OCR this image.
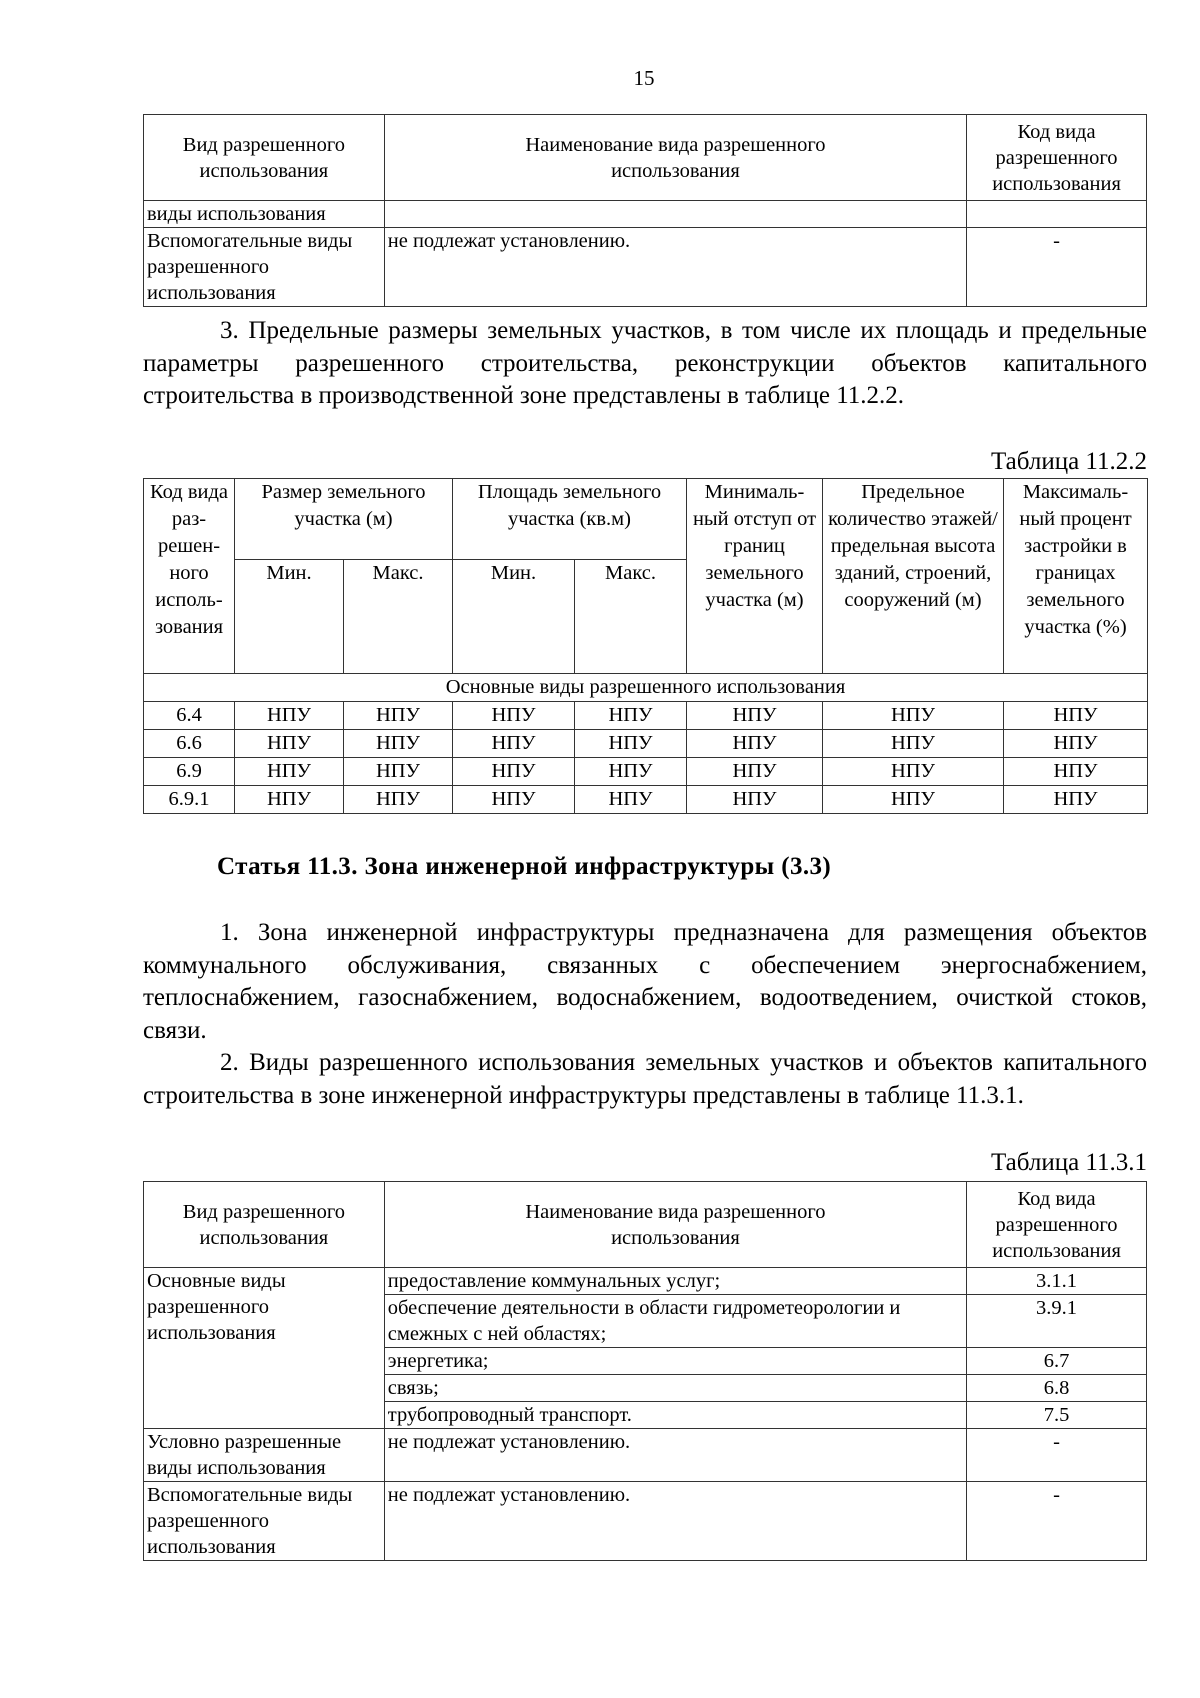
15
Вид разрешенного использования	Наименование вида разрешенного использования	Код вида разрешенного использования
виды использования		
Вспомогательные виды разрешенного использования	не подлежат установлению.	-
3. Предельные размеры земельных участков, в том числе их площадь и предельные параметры разрешенного строительства, реконструкции объектов капитального строительства в производственной зоне представлены в таблице 11.2.2.
Таблица 11.2.2
Код вида раз-решен-ного исполь-зования	Размер земельного участка (м)		Площадь земельного участка (кв.м)		Минималь-ный отступ от границ земельного участка (м)	Предельное количество этажей/ предельная высота зданий, строений, сооружений (м)	Максималь-ный процент застройки в границах земельного участка (%)
	Мин.	Макс.	Мин.	Макс.			
Основные виды разрешенного использования							
6.4	НПУ	НПУ	НПУ	НПУ	НПУ	НПУ	НПУ
6.6	НПУ	НПУ	НПУ	НПУ	НПУ	НПУ	НПУ
6.9	НПУ	НПУ	НПУ	НПУ	НПУ	НПУ	НПУ
6.9.1	НПУ	НПУ	НПУ	НПУ	НПУ	НПУ	НПУ
Статья 11.3. Зона инженерной инфраструктуры (3.3)
1. Зона инженерной инфраструктуры предназначена для размещения объектов коммунального обслуживания, связанных с обеспечением энергоснабжением, теплоснабжением, газоснабжением, водоснабжением, водоотведением, очисткой стоков, связи.
2. Виды разрешенного использования земельных участков и объектов капитального строительства в зоне инженерной инфраструктуры представлены в таблице 11.3.1.
Таблица 11.3.1
Вид разрешенного использования	Наименование вида разрешенного использования	Код вида разрешенного использования
Основные виды разрешенного использования	предоставление коммунальных услуг;	3.1.1
	обеспечение деятельности в области гидрометеорологии и смежных с ней областях;	3.9.1
	энергетика;	6.7
	связь;	6.8
	трубопроводный транспорт.	7.5
Условно разрешенные виды использования	не подлежат установлению.	-
Вспомогательные виды разрешенного использования	не подлежат установлению.	-
